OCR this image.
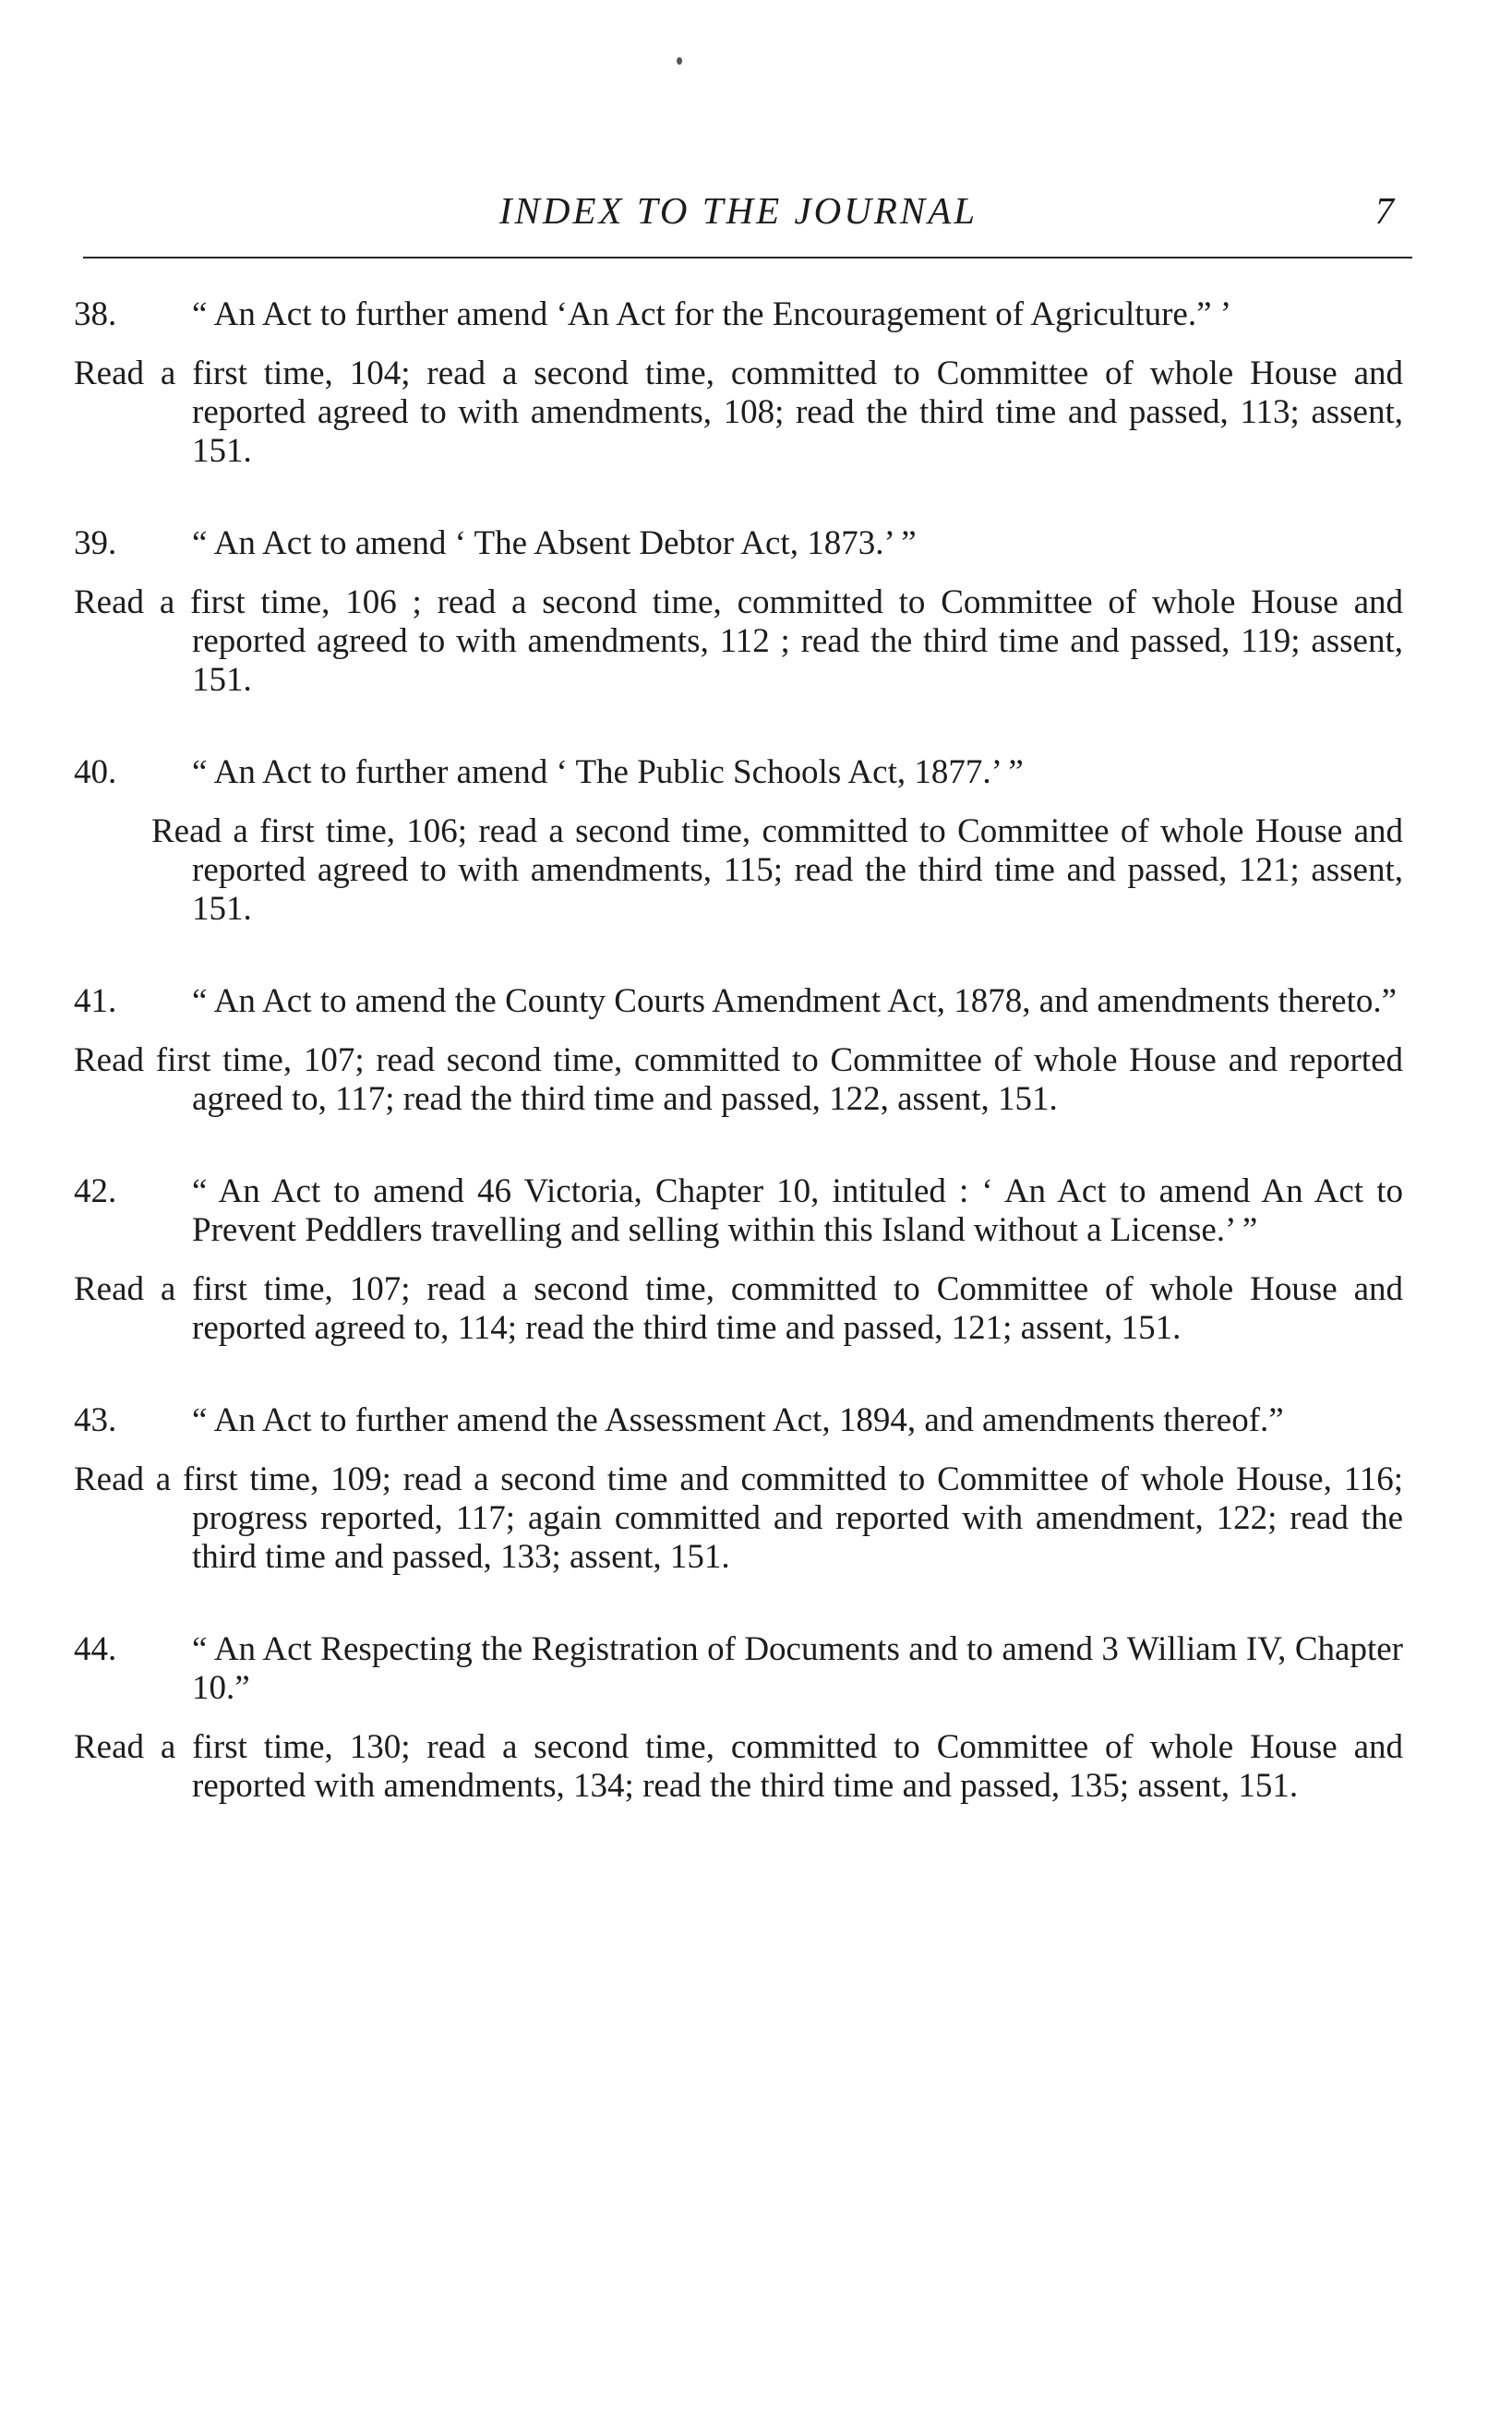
INDEX TO THE JOURNAL	7
38. “ An Act to further amend ‘An Act for the Encouragement of Agriculture.” ’
Read a first time, 104; read a second time, committed to Committee of whole House and reported agreed to with amendments, 108; read the third time and passed, 113; assent, 151.
39. “ An Act to amend ‘ The Absent Debtor Act, 1873.’ ”
Read a first time, 106 ; read a second time, committed to Committee of whole House and reported agreed to with amendments, 112 ; read the third time and passed, 119; assent, 151.
40. “ An Act to further amend ‘ The Public Schools Act, 1877.’ ”
Read a first time, 106; read a second time, committed to Committee of whole House and reported agreed to with amendments, 115; read the third time and passed, 121; assent, 151.
41. “ An Act to amend the County Courts Amendment Act, 1878, and amendments thereto.”
Read first time, 107; read second time, committed to Committee of whole House and reported agreed to, 117; read the third time and passed, 122, assent, 151.
42. “ An Act to amend 46 Victoria, Chapter 10, intituled : ‘ An Act to amend An Act to Prevent Peddlers travelling and selling within this Island without a License.’ ”
Read a first time, 107; read a second time, committed to Committee of whole House and reported agreed to, 114; read the third time and passed, 121; assent, 151.
43. “ An Act to further amend the Assessment Act, 1894, and amendments thereof.”
Read a first time, 109; read a second time and committed to Committee of whole House, 116; progress reported, 117; again committed and reported with amendment, 122; read the third time and passed, 133; assent, 151.
44. “ An Act Respecting the Registration of Documents and to amend 3 William IV, Chapter 10.”
Read a first time, 130; read a second time, committed to Committee of whole House and reported with amendments, 134; read the third time and passed, 135; assent, 151.
